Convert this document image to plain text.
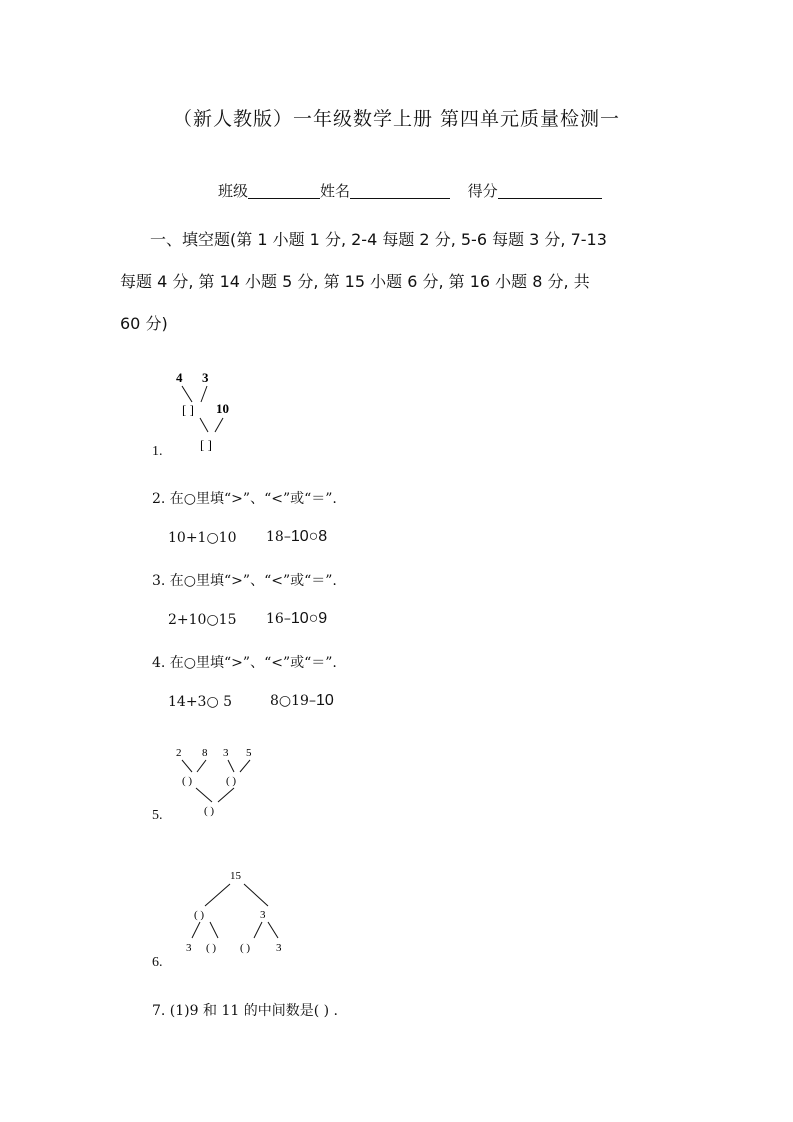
（新人教版）一年级数学上册 第四单元质量检测一
班级	姓名	得分
一、填空题(第 1 小题 1 分, 2-4 每题 2 分, 5-6 每题 3 分, 7-13
每题 4 分, 第 14 小题 5 分, 第 15 小题 6 分, 第 16 小题 8 分, 共
60 分)
4 3
[ ] 10
[ ]
1.
2. 在○里填“>”、“<”或“＝”.
10+1○10 18–10○8
3. 在○里填“>”、“<”或“＝”.
2+10○15 16–10○9
4. 在○里填“>”、“<”或“＝”.
14+3○ 5	8○19–10
2 8 3 5
( )	( )
( )
5.
15
( )	3
3 ( ) ( ) 3
6.
7. (1)9 和 11 的中间数是( ) .
